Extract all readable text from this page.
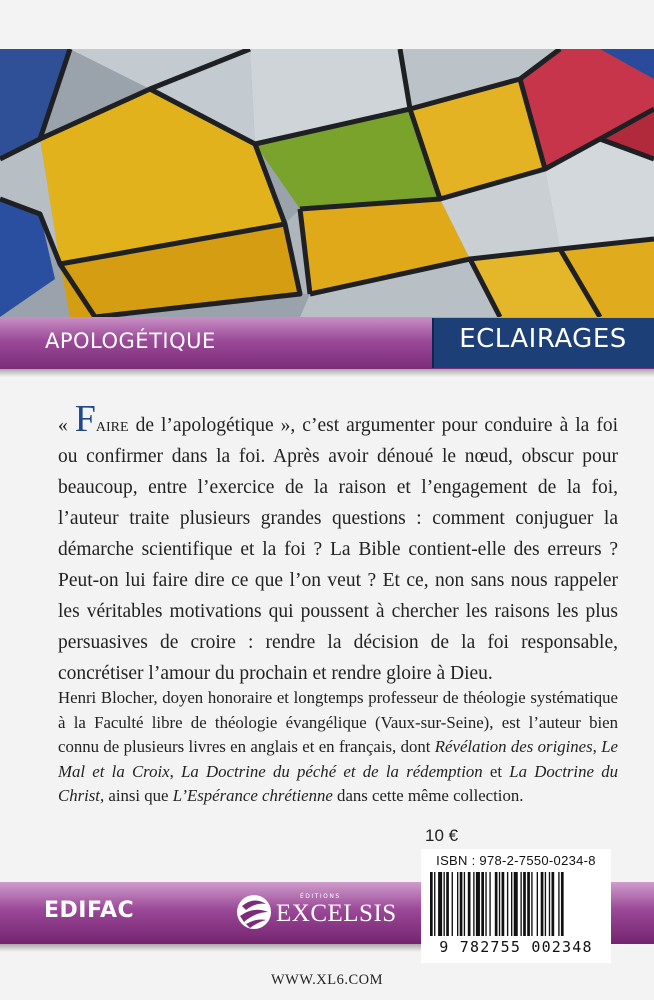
APOLOGÉTIQUE	ECLAIRAGES

« Faire de l’apologétique », c’est argumenter pour conduire à la foi ou confirmer dans la foi. Après avoir dénoué le nœud, obscur pour beaucoup, entre l’exercice de la raison et l’engagement de la foi, l’auteur traite plusieurs grandes questions : comment conjuguer la démarche scientifique et la foi ? La Bible contient-elle des erreurs ? Peut-on lui faire dire ce que l’on veut ? Et ce, non sans nous rappeler les véritables motivations qui poussent à chercher les raisons les plus persuasives de croire : rendre la décision de la foi responsable, concrétiser l’amour du prochain et rendre gloire à Dieu.

Henri Blocher, doyen honoraire et longtemps professeur de théologie systématique à la Faculté libre de théologie évangélique (Vaux-sur-Seine), est l’auteur bien connu de plusieurs livres en anglais et en français, dont Révélation des origines, Le Mal et la Croix, La Doctrine du péché et de la rédemption et La Doctrine du Christ, ainsi que L’Espérance chrétienne dans cette même collection.

10 €
EDIFAC
ÉDITIONS
EXCELSIS
ISBN : 978-2-7550-0234-8
9 782755 002348
WWW.XL6.COM
